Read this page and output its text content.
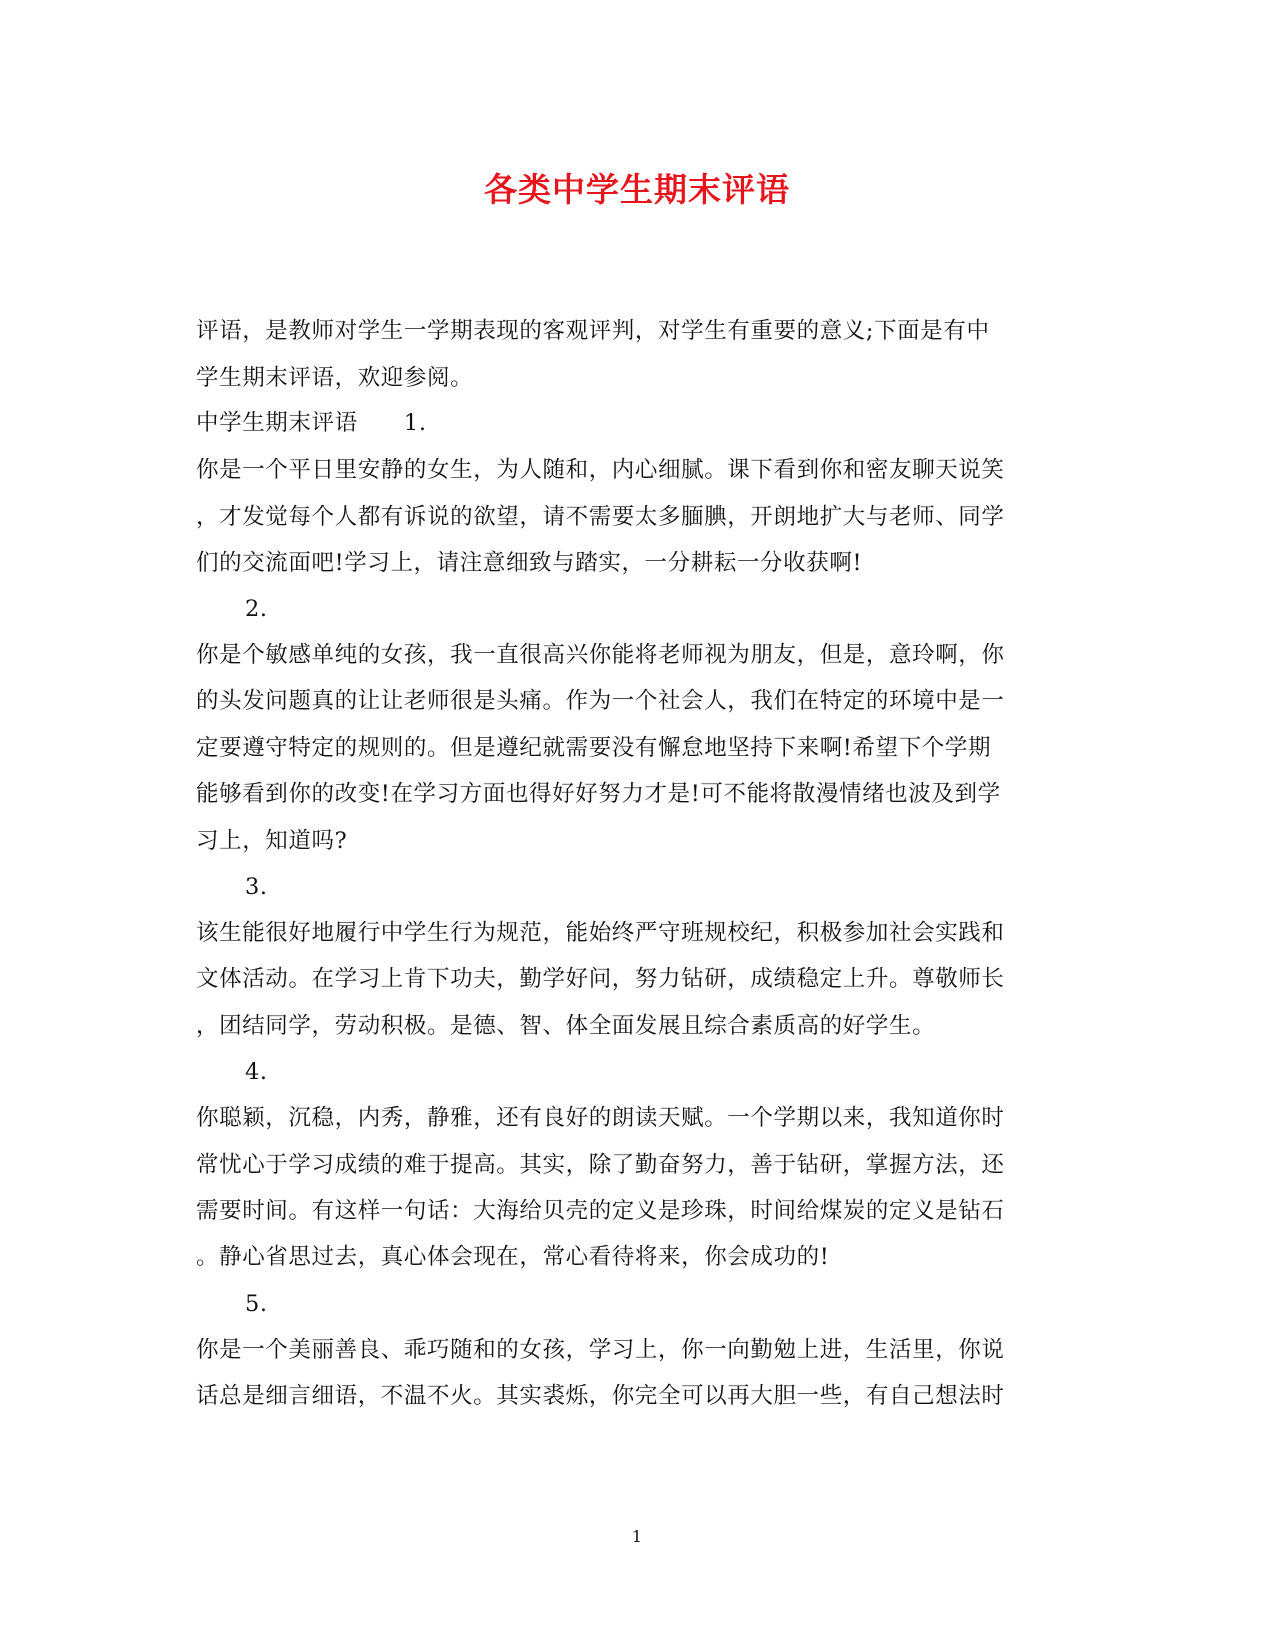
各类中学生期末评语
评语，是教师对学生一学期表现的客观评判，对学生有重要的意义;下面是有中
学生期末评语，欢迎参阅。
中学生期末评语　　1.
你是一个平日里安静的女生，为人随和，内心细腻。课下看到你和密友聊天说笑
，才发觉每个人都有诉说的欲望，请不需要太多腼腆，开朗地扩大与老师、同学
们的交流面吧!学习上，请注意细致与踏实，一分耕耘一分收获啊!
2.
你是个敏感单纯的女孩，我一直很高兴你能将老师视为朋友，但是，意玲啊，你
的头发问题真的让让老师很是头痛。作为一个社会人，我们在特定的环境中是一
定要遵守特定的规则的。但是遵纪就需要没有懈怠地坚持下来啊!希望下个学期
能够看到你的改变!在学习方面也得好好努力才是!可不能将散漫情绪也波及到学
习上，知道吗?
3.
该生能很好地履行中学生行为规范，能始终严守班规校纪，积极参加社会实践和
文体活动。在学习上肯下功夫，勤学好问，努力钻研，成绩稳定上升。尊敬师长
，团结同学，劳动积极。是德、智、体全面发展且综合素质高的好学生。
4.
你聪颖，沉稳，内秀，静雅，还有良好的朗读天赋。一个学期以来，我知道你时
常忧心于学习成绩的难于提高。其实，除了勤奋努力，善于钻研，掌握方法，还
需要时间。有这样一句话：大海给贝壳的定义是珍珠，时间给煤炭的定义是钻石
。静心省思过去，真心体会现在，常心看待将来，你会成功的!
5.
你是一个美丽善良、乖巧随和的女孩，学习上，你一向勤勉上进，生活里，你说
话总是细言细语，不温不火。其实裘烁，你完全可以再大胆一些，有自己想法时
1
